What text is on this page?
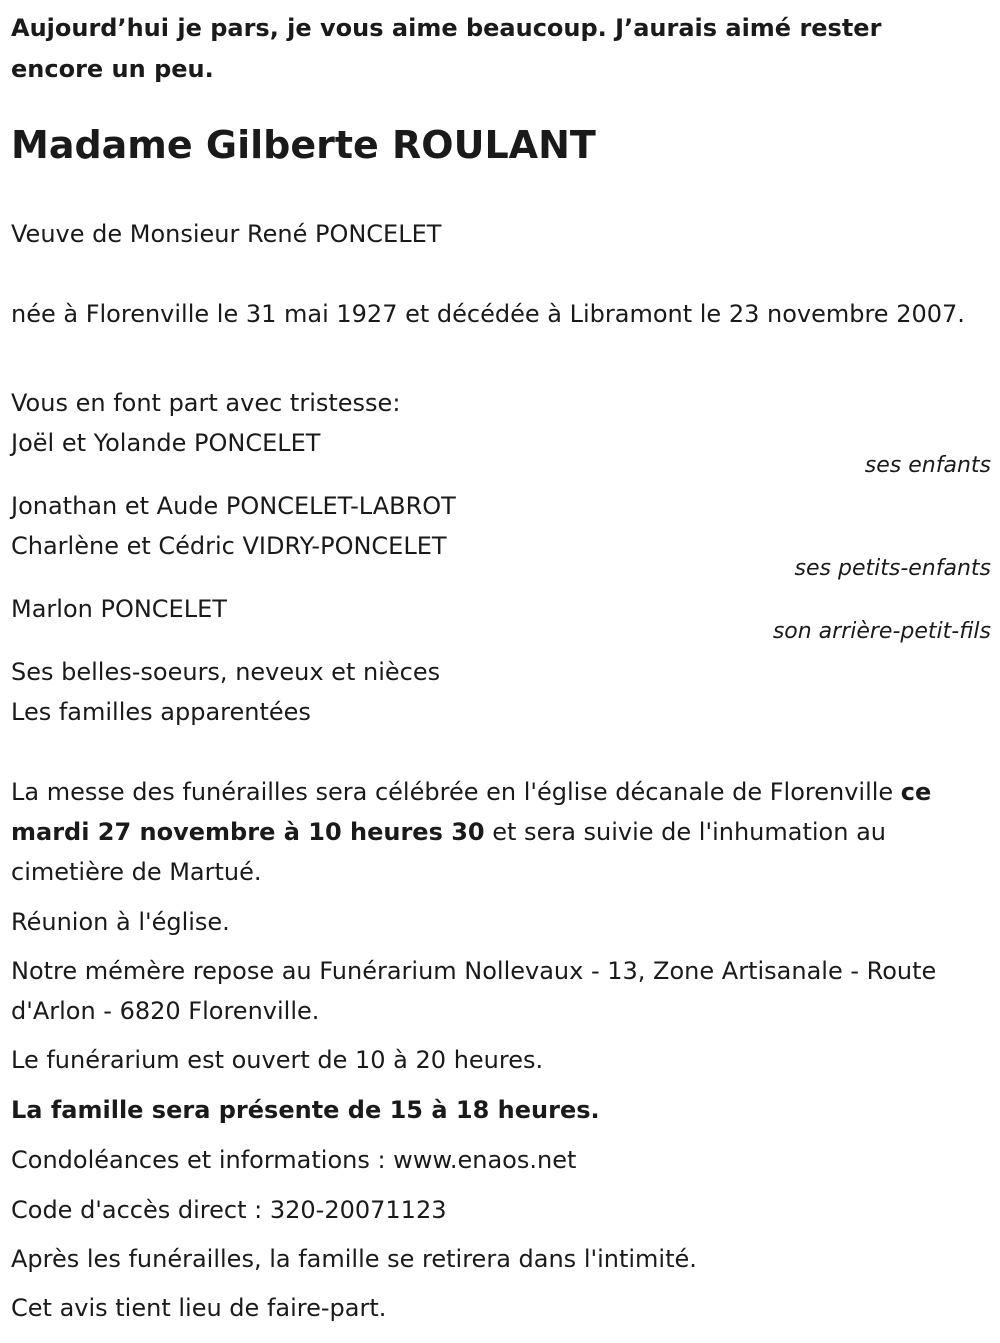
Aujourd’hui je pars, je vous aime beaucoup. J’aurais aimé rester encore un peu.

Madame Gilberte ROULANT

Veuve de Monsieur René PONCELET

née à Florenville le 31 mai 1927 et décédée à Libramont le 23 novembre 2007.

Vous en font part avec tristesse:

Joël et Yolande PONCELET

ses enfants

Jonathan et Aude PONCELET-LABROT

Charlène et Cédric VIDRY-PONCELET

ses petits-enfants

Marlon PONCELET

son arrière-petit-fils

Ses belles-soeurs, neveux et nièces

Les familles apparentées

La messe des funérailles sera célébrée en l'église décanale de Florenville ce mardi 27 novembre à 10 heures 30 et sera suivie de l'inhumation au cimetière de Martué.

Réunion à l'église.

Notre mémère repose au Funérarium Nollevaux - 13, Zone Artisanale - Route d'Arlon - 6820 Florenville.

Le funérarium est ouvert de 10 à 20 heures.

La famille sera présente de 15 à 18 heures.

Condoléances et informations : www.enaos.net

Code d'accès direct : 320-20071123

Après les funérailles, la famille se retirera dans l'intimité.

Cet avis tient lieu de faire-part.
